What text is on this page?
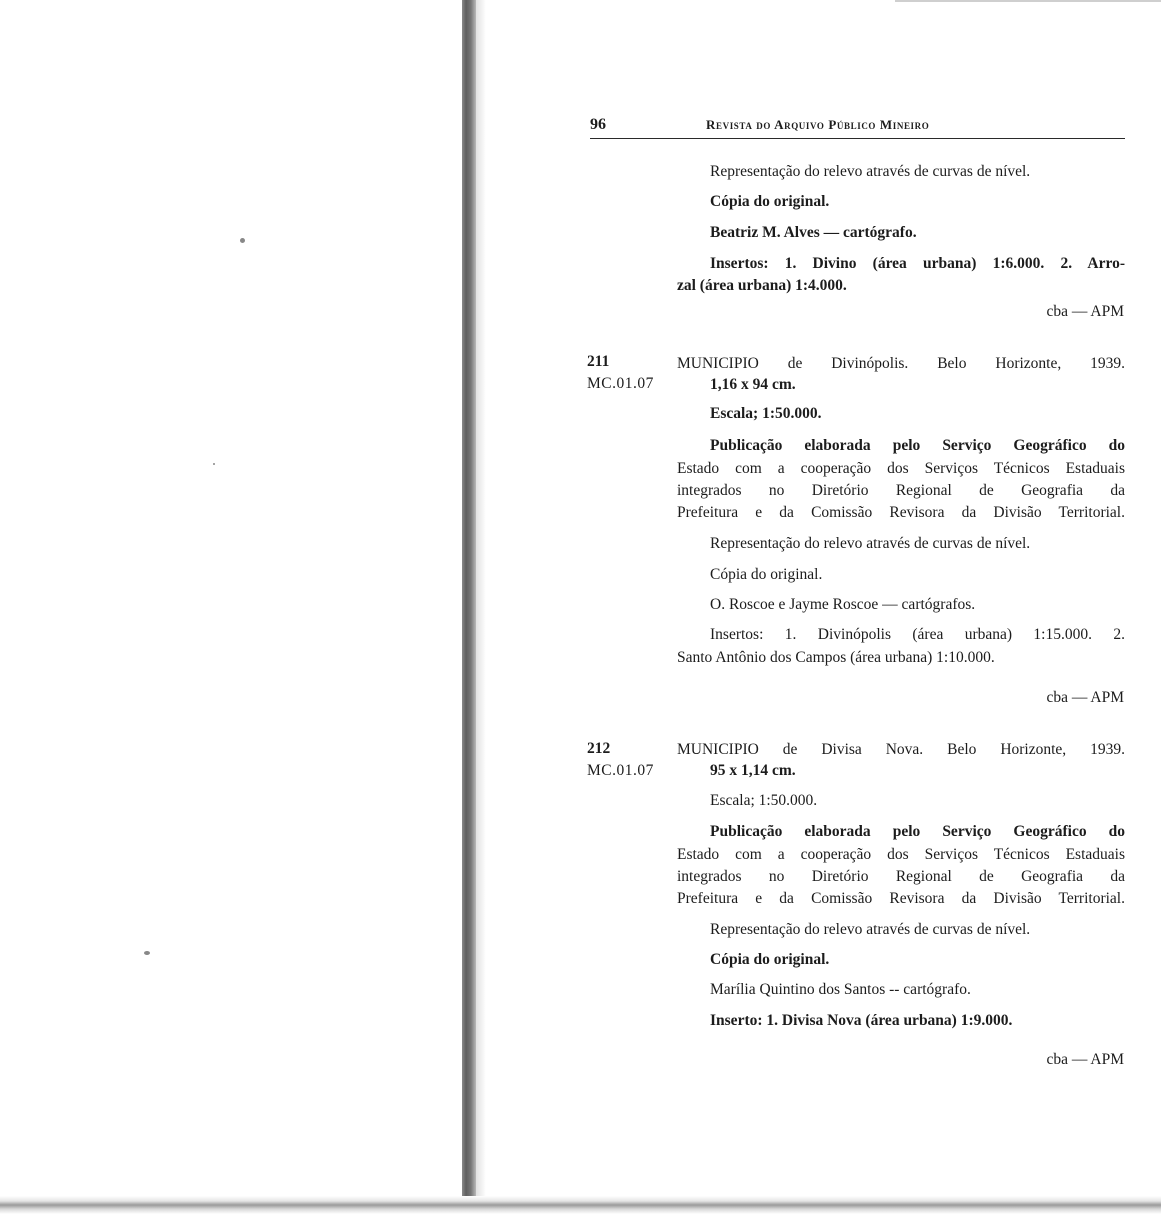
96	Revista do Arquivo Público Mineiro
Representação do relevo através de curvas de nível.
Cópia do original.
Beatriz M. Alves — cartógrafo.
Insertos: 1. Divino (área urbana) 1:6.000. 2. Arro-
zal (área urbana) 1:4.000.
cba — APM
211
MC.01.07
MUNICIPIO de Divinópolis. Belo Horizonte, 1939.
1,16 x 94 cm.
Escala; 1:50.000.
Publicação elaborada pelo Serviço Geográfico do
Estado com a cooperação dos Serviços Técnicos Estaduais
integrados no Diretório Regional de Geografia da
Prefeitura e da Comissão Revisora da Divisão Territorial.
Representação do relevo através de curvas de nível.
Cópia do original.
O. Roscoe e Jayme Roscoe — cartógrafos.
Insertos: 1. Divinópolis (área urbana) 1:15.000. 2.
Santo Antônio dos Campos (área urbana) 1:10.000.
cba — APM
212
MC.01.07
MUNICIPIO de Divisa Nova. Belo Horizonte, 1939.
95 x 1,14 cm.
Escala; 1:50.000.
Publicação elaborada pelo Serviço Geográfico do
Estado com a cooperação dos Serviços Técnicos Estaduais
integrados no Diretório Regional de Geografia da
Prefeitura e da Comissão Revisora da Divisão Territorial.
Representação do relevo através de curvas de nível.
Cópia do original.
Marília Quintino dos Santos -- cartógrafo.
Inserto: 1. Divisa Nova (área urbana) 1:9.000.
cba — APM
